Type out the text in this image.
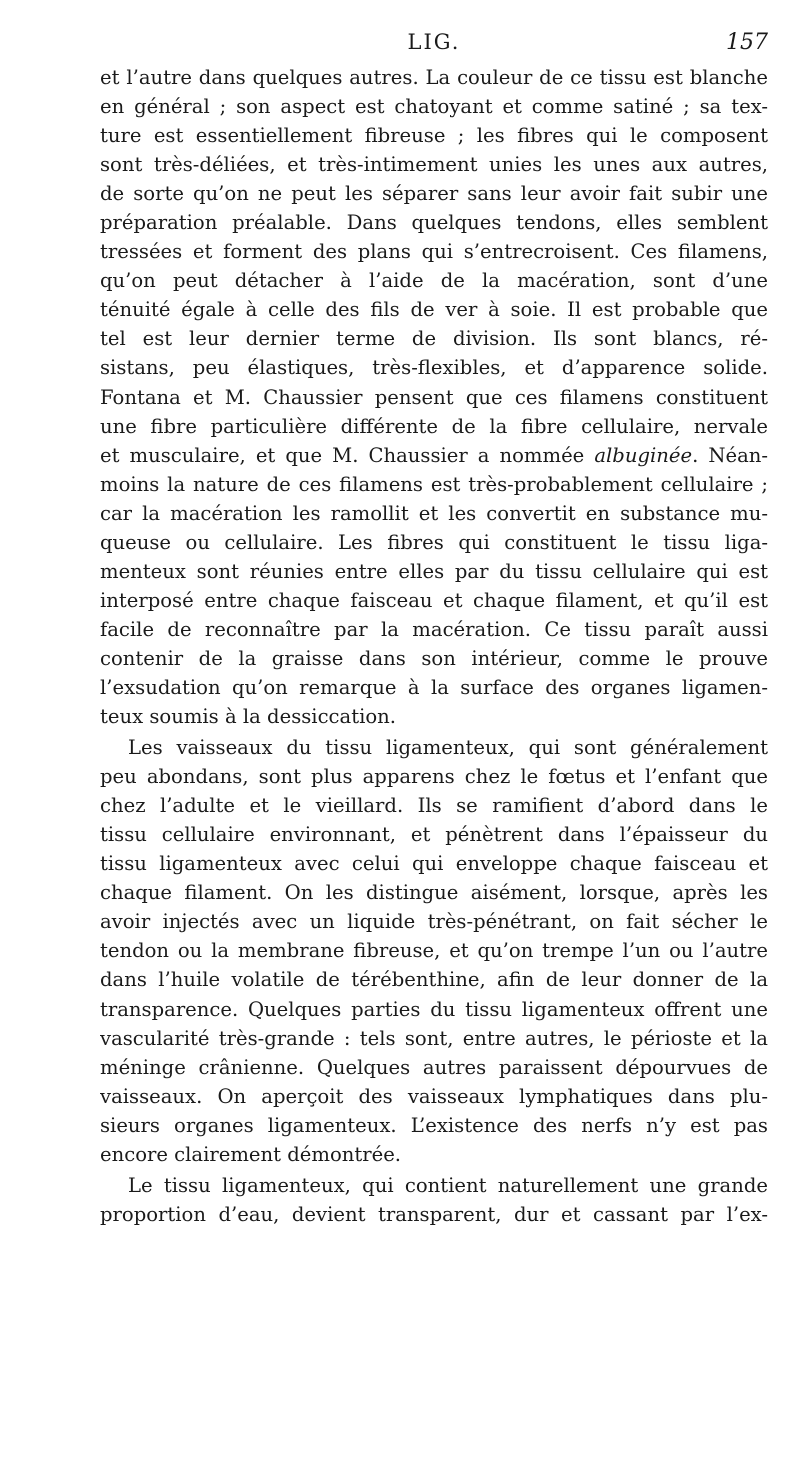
LIG.	157
et l’autre dans quelques autres. La couleur de ce tissu est blanche
en général ; son aspect est chatoyant et comme satiné ; sa tex-
ture est essentiellement fibreuse ; les fibres qui le composent
sont très-déliées, et très-intimement unies les unes aux autres,
de sorte qu’on ne peut les séparer sans leur avoir fait subir une
préparation préalable. Dans quelques tendons, elles semblent
tressées et forment des plans qui s’entrecroisent. Ces filamens,
qu’on peut détacher à l’aide de la macération, sont d’une
ténuité égale à celle des fils de ver à soie. Il est probable que
tel est leur dernier terme de division. Ils sont blancs, ré-
sistans, peu élastiques, très-flexibles, et d’apparence solide.
Fontana et M. Chaussier pensent que ces filamens constituent
une fibre particulière différente de la fibre cellulaire, nervale
et musculaire, et que M. Chaussier a nommée albuginée. Néan-
moins la nature de ces filamens est très-probablement cellulaire ;
car la macération les ramollit et les convertit en substance mu-
queuse ou cellulaire. Les fibres qui constituent le tissu liga-
menteux sont réunies entre elles par du tissu cellulaire qui est
interposé entre chaque faisceau et chaque filament, et qu’il est
facile de reconnaître par la macération. Ce tissu paraît aussi
contenir de la graisse dans son intérieur, comme le prouve
l’exsudation qu’on remarque à la surface des organes ligamen-
teux soumis à la dessiccation.
Les vaisseaux du tissu ligamenteux, qui sont généralement
peu abondans, sont plus apparens chez le fœtus et l’enfant que
chez l’adulte et le vieillard. Ils se ramifient d’abord dans le
tissu cellulaire environnant, et pénètrent dans l’épaisseur du
tissu ligamenteux avec celui qui enveloppe chaque faisceau et
chaque filament. On les distingue aisément, lorsque, après les
avoir injectés avec un liquide très-pénétrant, on fait sécher le
tendon ou la membrane fibreuse, et qu’on trempe l’un ou l’autre
dans l’huile volatile de térébenthine, afin de leur donner de la
transparence. Quelques parties du tissu ligamenteux offrent une
vascularité très-grande : tels sont, entre autres, le périoste et la
méninge crânienne. Quelques autres paraissent dépourvues de
vaisseaux. On aperçoit des vaisseaux lymphatiques dans plu-
sieurs organes ligamenteux. L’existence des nerfs n’y est pas
encore clairement démontrée.
Le tissu ligamenteux, qui contient naturellement une grande
proportion d’eau, devient transparent, dur et cassant par l’ex-
